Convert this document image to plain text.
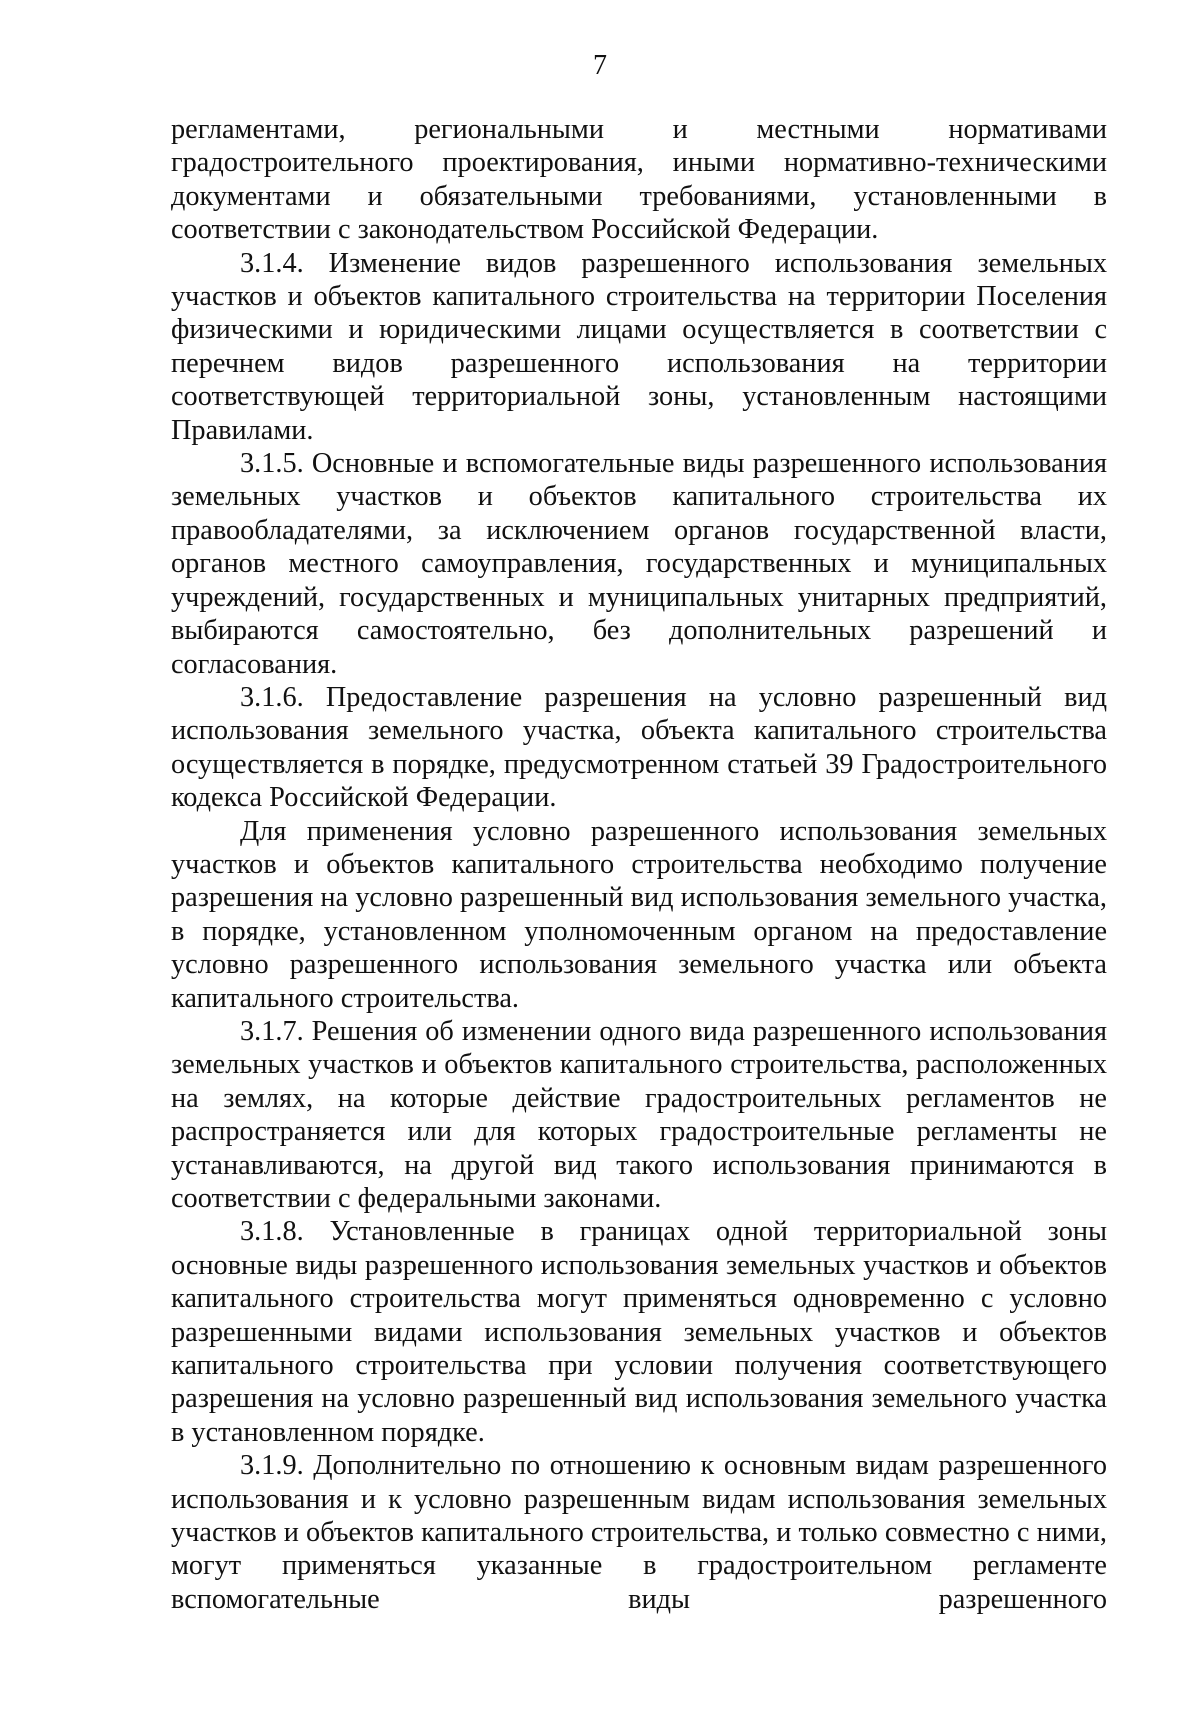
7

регламентами, региональными и местными нормативами градостроительного проектирования, иными нормативно-техническими документами и обязательными требованиями, установленными в соответствии с законодательством Российской Федерации.

3.1.4. Изменение видов разрешенного использования земельных участков и объектов капитального строительства на территории Поселения физическими и юридическими лицами осуществляется в соответствии с перечнем видов разрешенного использования на территории соответствующей территориальной зоны, установленным настоящими Правилами.

3.1.5. Основные и вспомогательные виды разрешенного использования земельных участков и объектов капитального строительства их правообладателями, за исключением органов государственной власти, органов местного самоуправления, государственных и муниципальных учреждений, государственных и муниципальных унитарных предприятий, выбираются самостоятельно, без дополнительных разрешений и согласования.

3.1.6. Предоставление разрешения на условно разрешенный вид использования земельного участка, объекта капитального строительства осуществляется в порядке, предусмотренном статьей 39 Градостроительного кодекса Российской Федерации.

Для применения условно разрешенного использования земельных участков и объектов капитального строительства необходимо получение разрешения на условно разрешенный вид использования земельного участка, в порядке, установленном уполномоченным органом на предоставление условно разрешенного использования земельного участка или объекта капитального строительства.

3.1.7. Решения об изменении одного вида разрешенного использования земельных участков и объектов капитального строительства, расположенных на землях, на которые действие градостроительных регламентов не распространяется или для которых градостроительные регламенты не устанавливаются, на другой вид такого использования принимаются в соответствии с федеральными законами.

3.1.8. Установленные в границах одной территориальной зоны основные виды разрешенного использования земельных участков и объектов капитального строительства могут применяться одновременно с условно разрешенными видами использования земельных участков и объектов капитального строительства при условии получения соответствующего разрешения на условно разрешенный вид использования земельного участка в установленном порядке.

3.1.9. Дополнительно по отношению к основным видам разрешенного использования и к условно разрешенным видам использования земельных участков и объектов капитального строительства, и только совместно с ними, могут применяться указанные в градостроительном регламенте вспомогательные виды разрешенного
